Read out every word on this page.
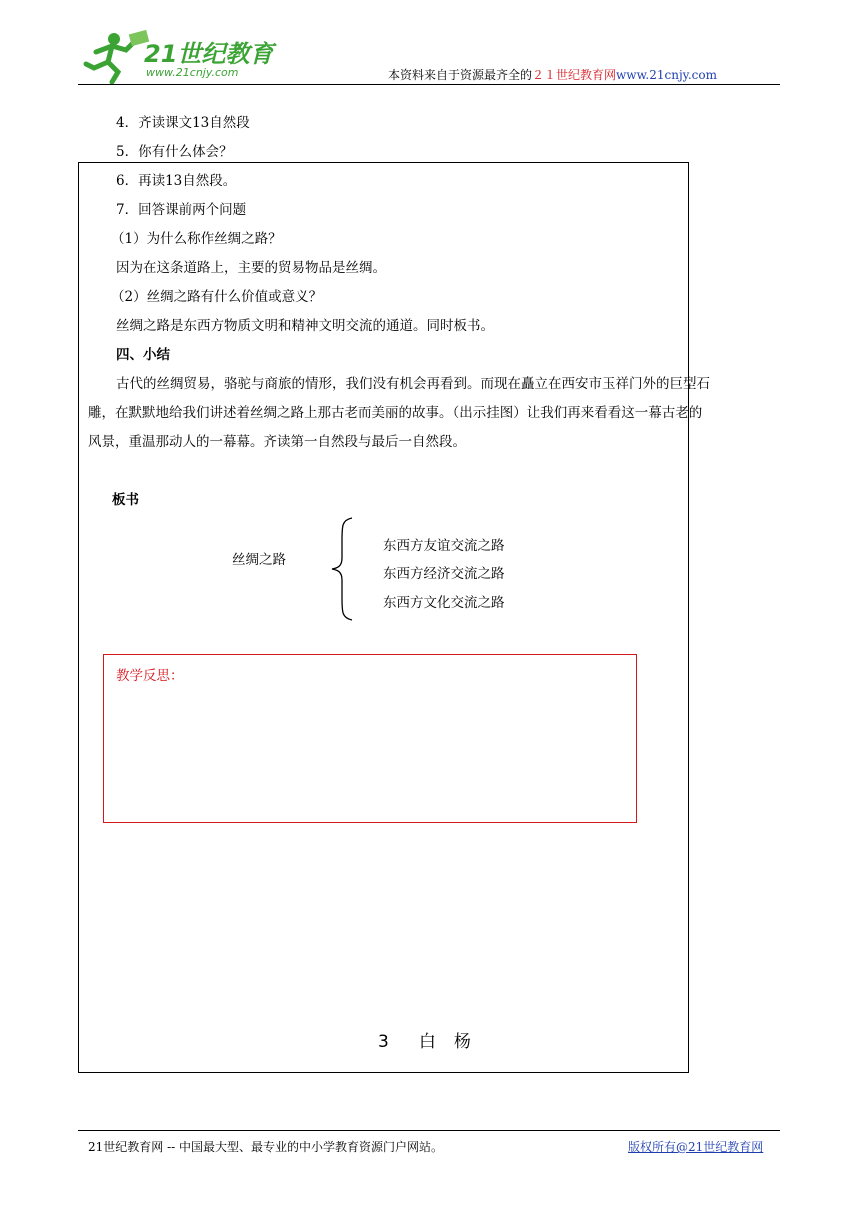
21世纪教育
www.21cnjy.com	本资料来自于资源最齐全的２１世纪教育网www.21cnjy.com
4．齐读课文13自然段
5．你有什么体会？
6．再读13自然段。
7．回答课前两个问题
（1）为什么称作丝绸之路？
因为在这条道路上，主要的贸易物品是丝绸。
（2）丝绸之路有什么价值或意义？
丝绸之路是东西方物质文明和精神文明交流的通道。同时板书。
四、小结
古代的丝绸贸易，骆驼与商旅的情形，我们没有机会再看到。而现在矗立在西安市玉祥门外的巨型石
雕，在默默地给我们讲述着丝绸之路上那古老而美丽的故事。（出示挂图）让我们再来看看这一幕古老的
风景，重温那动人的一幕幕。齐读第一自然段与最后一自然段。
板书
丝绸之路
东西方友谊交流之路
东西方经济交流之路
东西方文化交流之路
教学反思：
3 白 杨
21世纪教育网 -- 中国最大型、最专业的中小学教育资源门户网站。	版权所有@21世纪教育网
